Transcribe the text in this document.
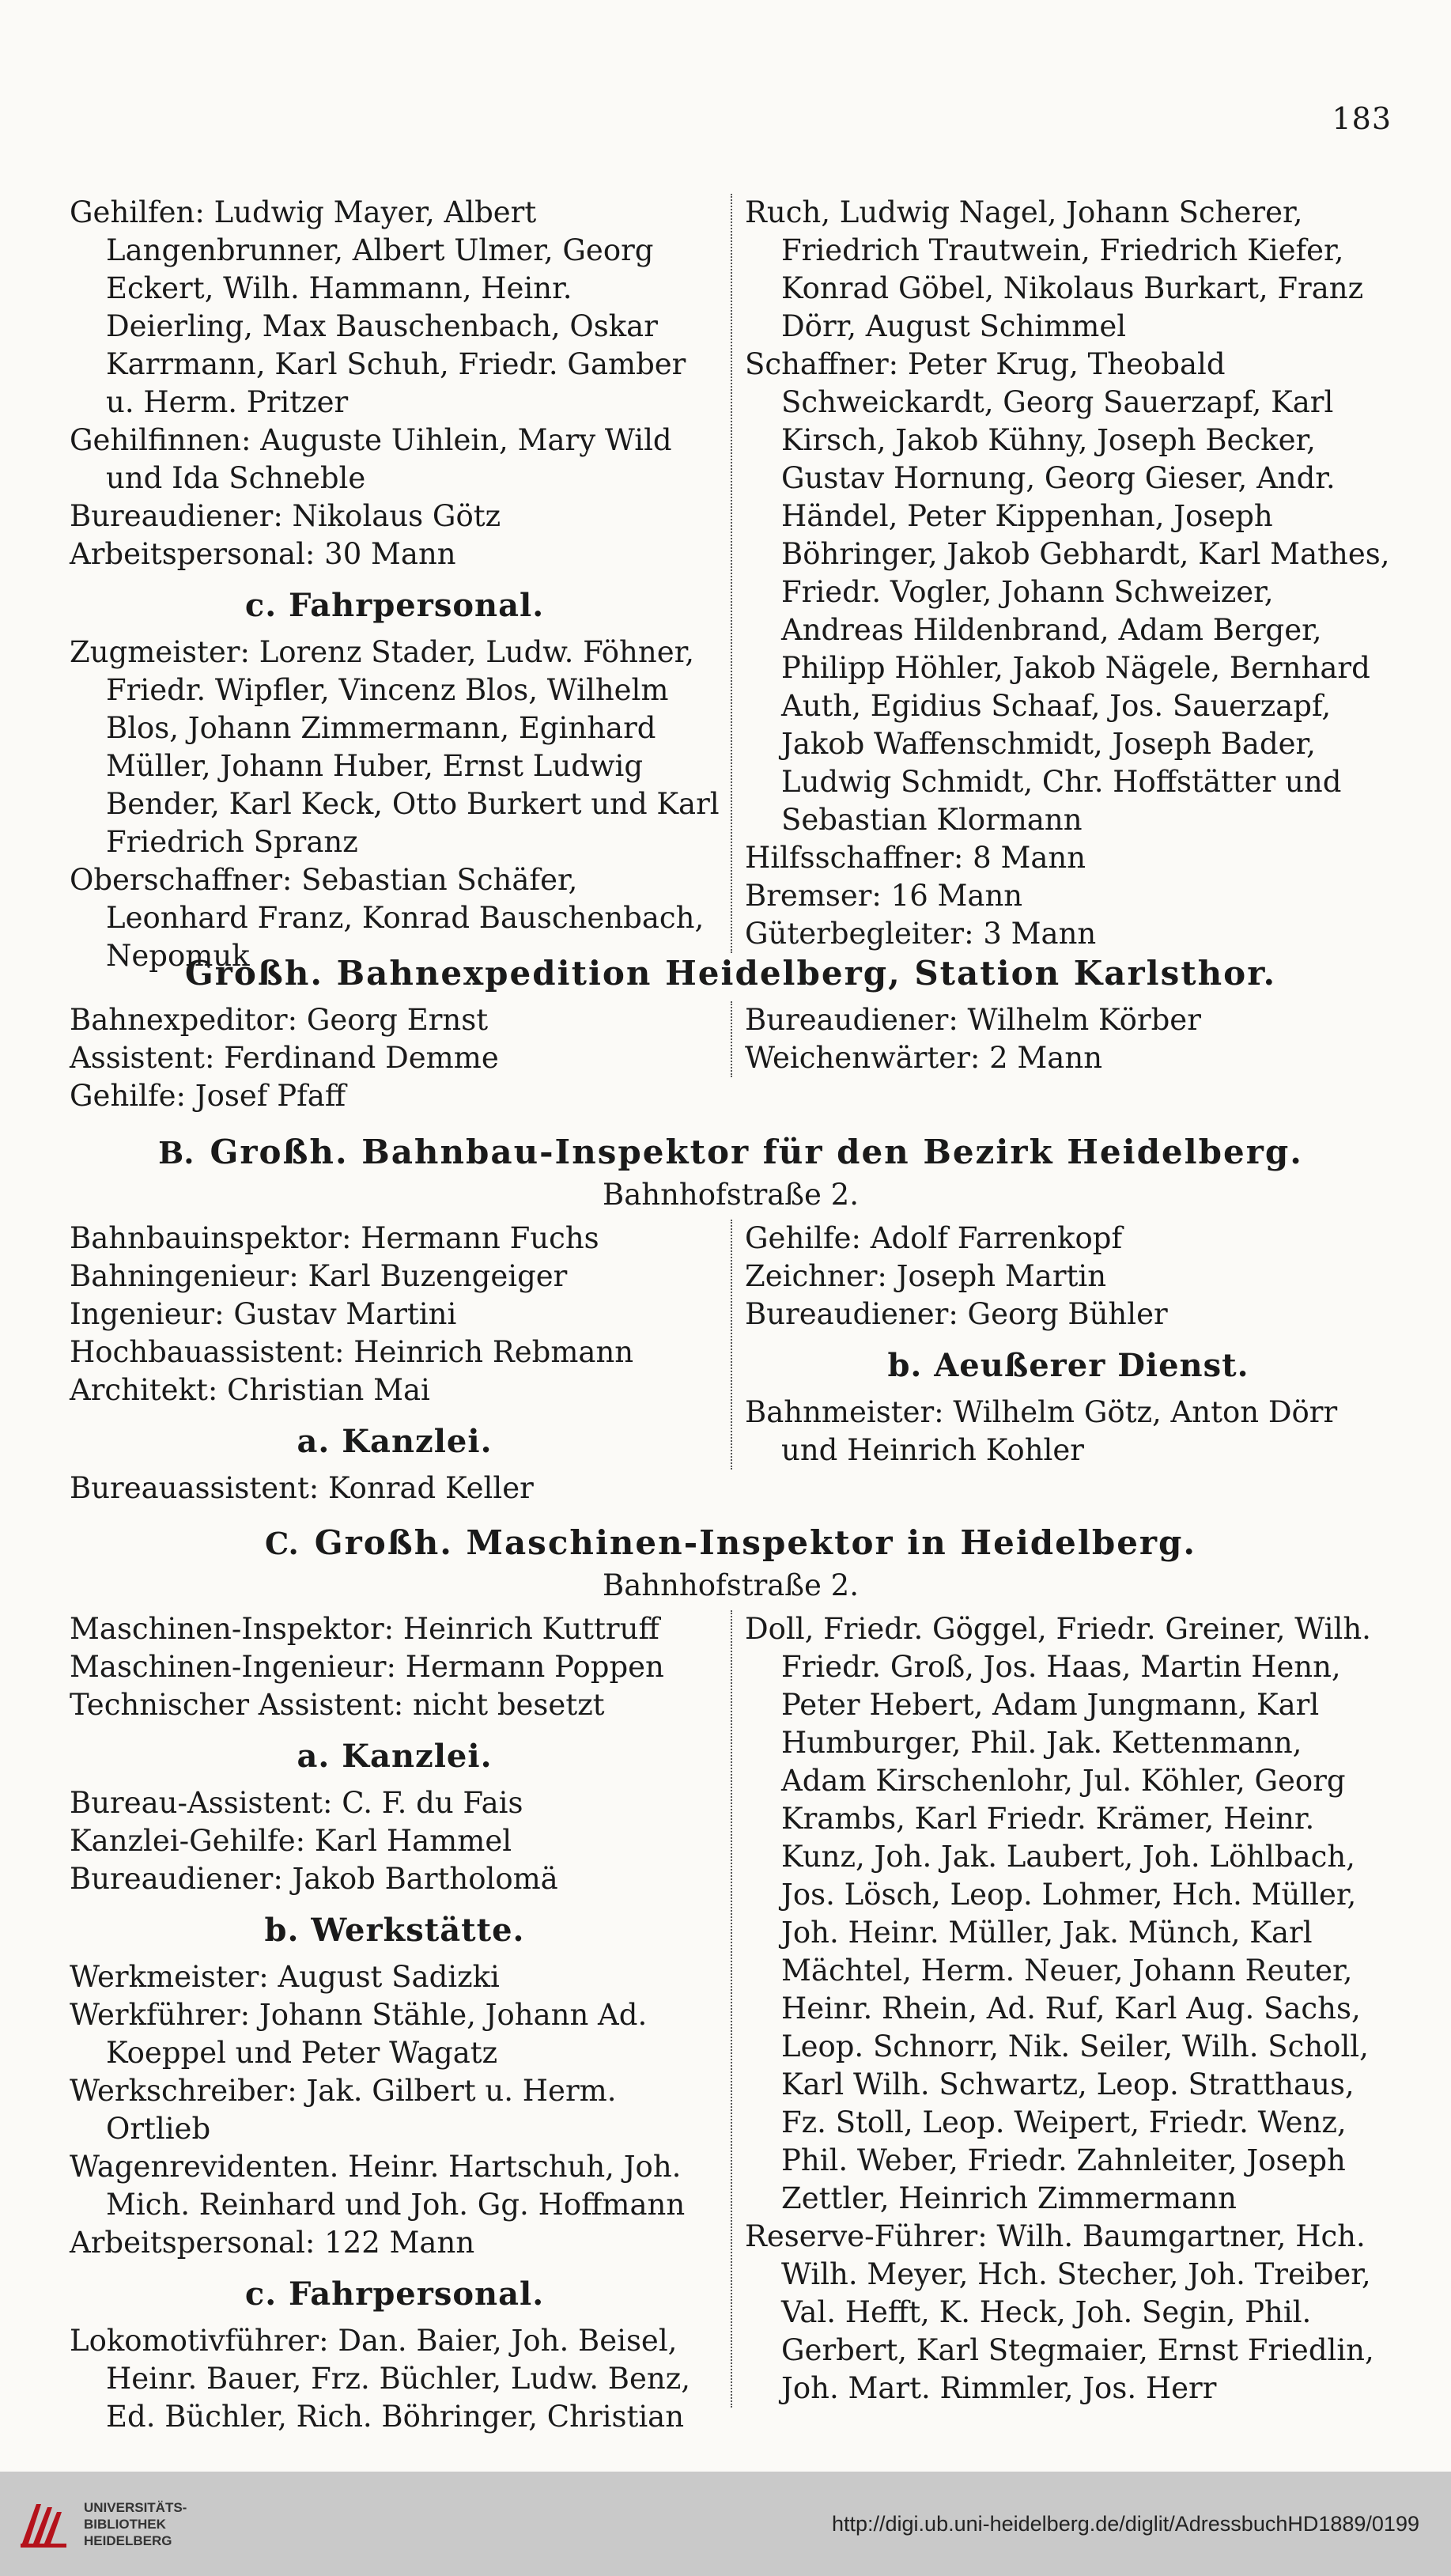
183

Gehilfen: Ludwig Mayer, Albert Langenbrunner, Albert Ulmer, Georg Eckert, Wilh. Hammann, Heinr. Deierling, Max Bauschenbach, Oskar Karrmann, Karl Schuh, Friedr. Gamber u. Herm. Pritzer

Gehilfinnen: Auguste Uihlein, Mary Wild und Ida Schneble

Bureaudiener: Nikolaus Götz

Arbeitspersonal: 30 Mann

c. Fahrpersonal.

Zugmeister: Lorenz Stader, Ludw. Föhner, Friedr. Wipfler, Vincenz Blos, Wilhelm Blos, Johann Zimmermann, Eginhard Müller, Johann Huber, Ernst Ludwig Bender, Karl Keck, Otto Burkert und Karl Friedrich Spranz

Oberschaffner: Sebastian Schäfer, Leonhard Franz, Konrad Bauschenbach, Nepomuk

Ruch, Ludwig Nagel, Johann Scherer, Friedrich Trautwein, Friedrich Kiefer, Konrad Göbel, Nikolaus Burkart, Franz Dörr, August Schimmel

Schaffner: Peter Krug, Theobald Schweickardt, Georg Sauerzapf, Karl Kirsch, Jakob Kühny, Joseph Becker, Gustav Hornung, Georg Gieser, Andr. Händel, Peter Kippenhan, Joseph Böhringer, Jakob Gebhardt, Karl Mathes, Friedr. Vogler, Johann Schweizer, Andreas Hildenbrand, Adam Berger, Philipp Höhler, Jakob Nägele, Bernhard Auth, Egidius Schaaf, Jos. Sauerzapf, Jakob Waffenschmidt, Joseph Bader, Ludwig Schmidt, Chr. Hoffstätter und Sebastian Klormann

Hilfsschaffner: 8 Mann

Bremser: 16 Mann

Güterbegleiter: 3 Mann

Großh. Bahnexpedition Heidelberg, Station Karlsthor.

Bahnexpeditor: Georg Ernst

Assistent: Ferdinand Demme

Gehilfe: Josef Pfaff

Bureaudiener: Wilhelm Körber

Weichenwärter: 2 Mann

B. Großh. Bahnbau-Inspektor für den Bezirk Heidelberg.

Bahnhofstraße 2.

Bahnbauinspektor: Hermann Fuchs

Bahningenieur: Karl Buzengeiger

Ingenieur: Gustav Martini

Hochbauassistent: Heinrich Rebmann

Architekt: Christian Mai

a. Kanzlei.

Bureauassistent: Konrad Keller

Gehilfe: Adolf Farrenkopf

Zeichner: Joseph Martin

Bureaudiener: Georg Bühler

b. Aeußerer Dienst.

Bahnmeister: Wilhelm Götz, Anton Dörr und Heinrich Kohler

C. Großh. Maschinen-Inspektor in Heidelberg.

Bahnhofstraße 2.

Maschinen-Inspektor: Heinrich Kuttruff

Maschinen-Ingenieur: Hermann Poppen

Technischer Assistent: nicht besetzt

a. Kanzlei.

Bureau-Assistent: C. F. du Fais

Kanzlei-Gehilfe: Karl Hammel

Bureaudiener: Jakob Bartholomä

b. Werkstätte.

Werkmeister: August Sadizki

Werkführer: Johann Stähle, Johann Ad. Koeppel und Peter Wagatz

Werkschreiber: Jak. Gilbert u. Herm. Ortlieb

Wagenrevidenten. Heinr. Hartschuh, Joh. Mich. Reinhard und Joh. Gg. Hoffmann

Arbeitspersonal: 122 Mann

c. Fahrpersonal.

Lokomotivführer: Dan. Baier, Joh. Beisel, Heinr. Bauer, Frz. Büchler, Ludw. Benz, Ed. Büchler, Rich. Böhringer, Christian

Doll, Friedr. Göggel, Friedr. Greiner, Wilh. Friedr. Groß, Jos. Haas, Martin Henn, Peter Hebert, Adam Jungmann, Karl Humburger, Phil. Jak. Kettenmann, Adam Kirschenlohr, Jul. Köhler, Georg Krambs, Karl Friedr. Krämer, Heinr. Kunz, Joh. Jak. Laubert, Joh. Löhlbach, Jos. Lösch, Leop. Lohmer, Hch. Müller, Joh. Heinr. Müller, Jak. Münch, Karl Mächtel, Herm. Neuer, Johann Reuter, Heinr. Rhein, Ad. Ruf, Karl Aug. Sachs, Leop. Schnorr, Nik. Seiler, Wilh. Scholl, Karl Wilh. Schwartz, Leop. Stratthaus, Fz. Stoll, Leop. Weipert, Friedr. Wenz, Phil. Weber, Friedr. Zahnleiter, Joseph Zettler, Heinrich Zimmermann

Reserve-Führer: Wilh. Baumgartner, Hch. Wilh. Meyer, Hch. Stecher, Joh. Treiber, Val. Hefft, K. Heck, Joh. Segin, Phil. Gerbert, Karl Stegmaier, Ernst Friedlin, Joh. Mart. Rimmler, Jos. Herr

UNIVERSITÄTS-
BIBLIOTHEK
HEIDELBERG
http://digi.ub.uni-heidelberg.de/diglit/AdressbuchHD1889/0199
